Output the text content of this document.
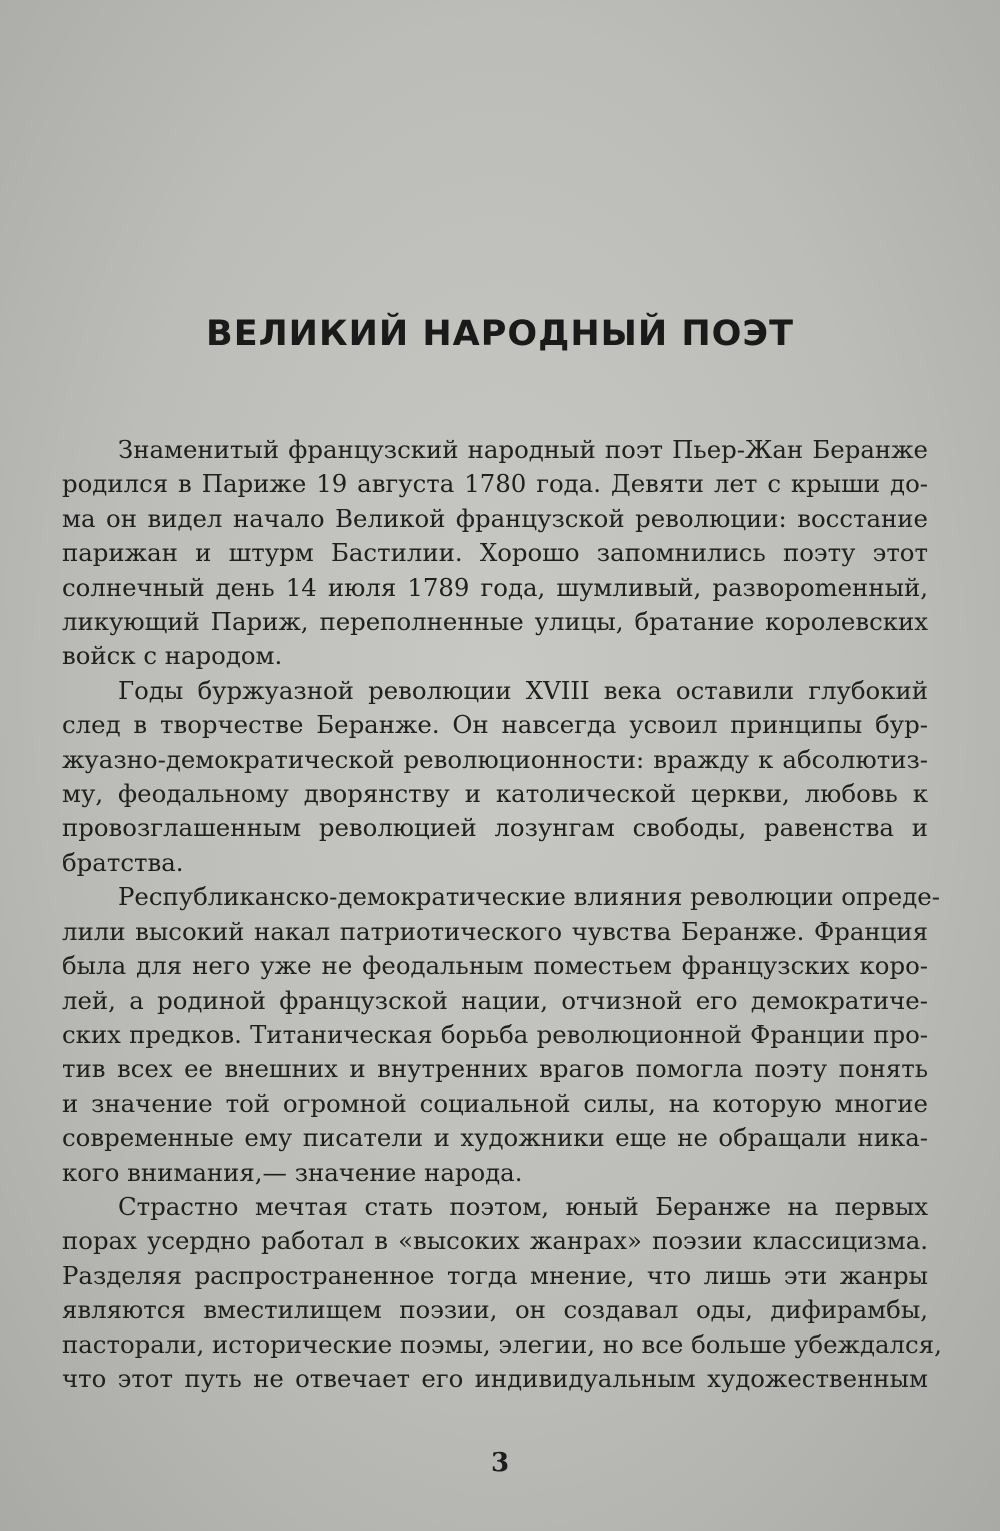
ВЕЛИКИЙ НАРОДНЫЙ ПОЭТ
Знаменитый французский народный поэт Пьер-Жан Беранже
родился в Париже 19 августа 1780 года. Девяти лет с крыши до-
ма он видел начало Великой французской революции: восстание
парижан и штурм Бастилии. Хорошо запомнились поэту этот
солнечный день 14 июля 1789 года, шумливый, развороmенный,
ликующий Париж, переполненные улицы, братание королевских
войск с народом.
Годы буржуазной революции XVIII века оставили глубокий
след в творчестве Беранже. Он навсегда усвоил принципы бур-
жуазно-демократической революционности: вражду к абсолютиз-
му, феодальному дворянству и католической церкви, любовь к
провозглашенным революцией лозунгам свободы, равенства и
братства.
Республиканско-демократические влияния революции опреде-
лили высокий накал патриотического чувства Беранже. Франция
была для него уже не феодальным поместьем французских коро-
лей, а родиной французской нации, отчизной его демократиче-
ских предков. Титаническая борьба революционной Франции про-
тив всех ее внешних и внутренних врагов помогла поэту понять
и значение той огромной социальной силы, на которую многие
современные ему писатели и художники еще не обращали ника-
кого внимания,— значение народа.
Страстно мечтая стать поэтом, юный Беранже на первых
порах усердно работал в «высоких жанрах» поэзии классицизма.
Разделяя распространенное тогда мнение, что лишь эти жанры
являются вместилищем поэзии, он создавал оды, дифирамбы,
пасторали, исторические поэмы, элегии, но все больше убеждался,
что этот путь не отвечает его индивидуальным художественным
3
